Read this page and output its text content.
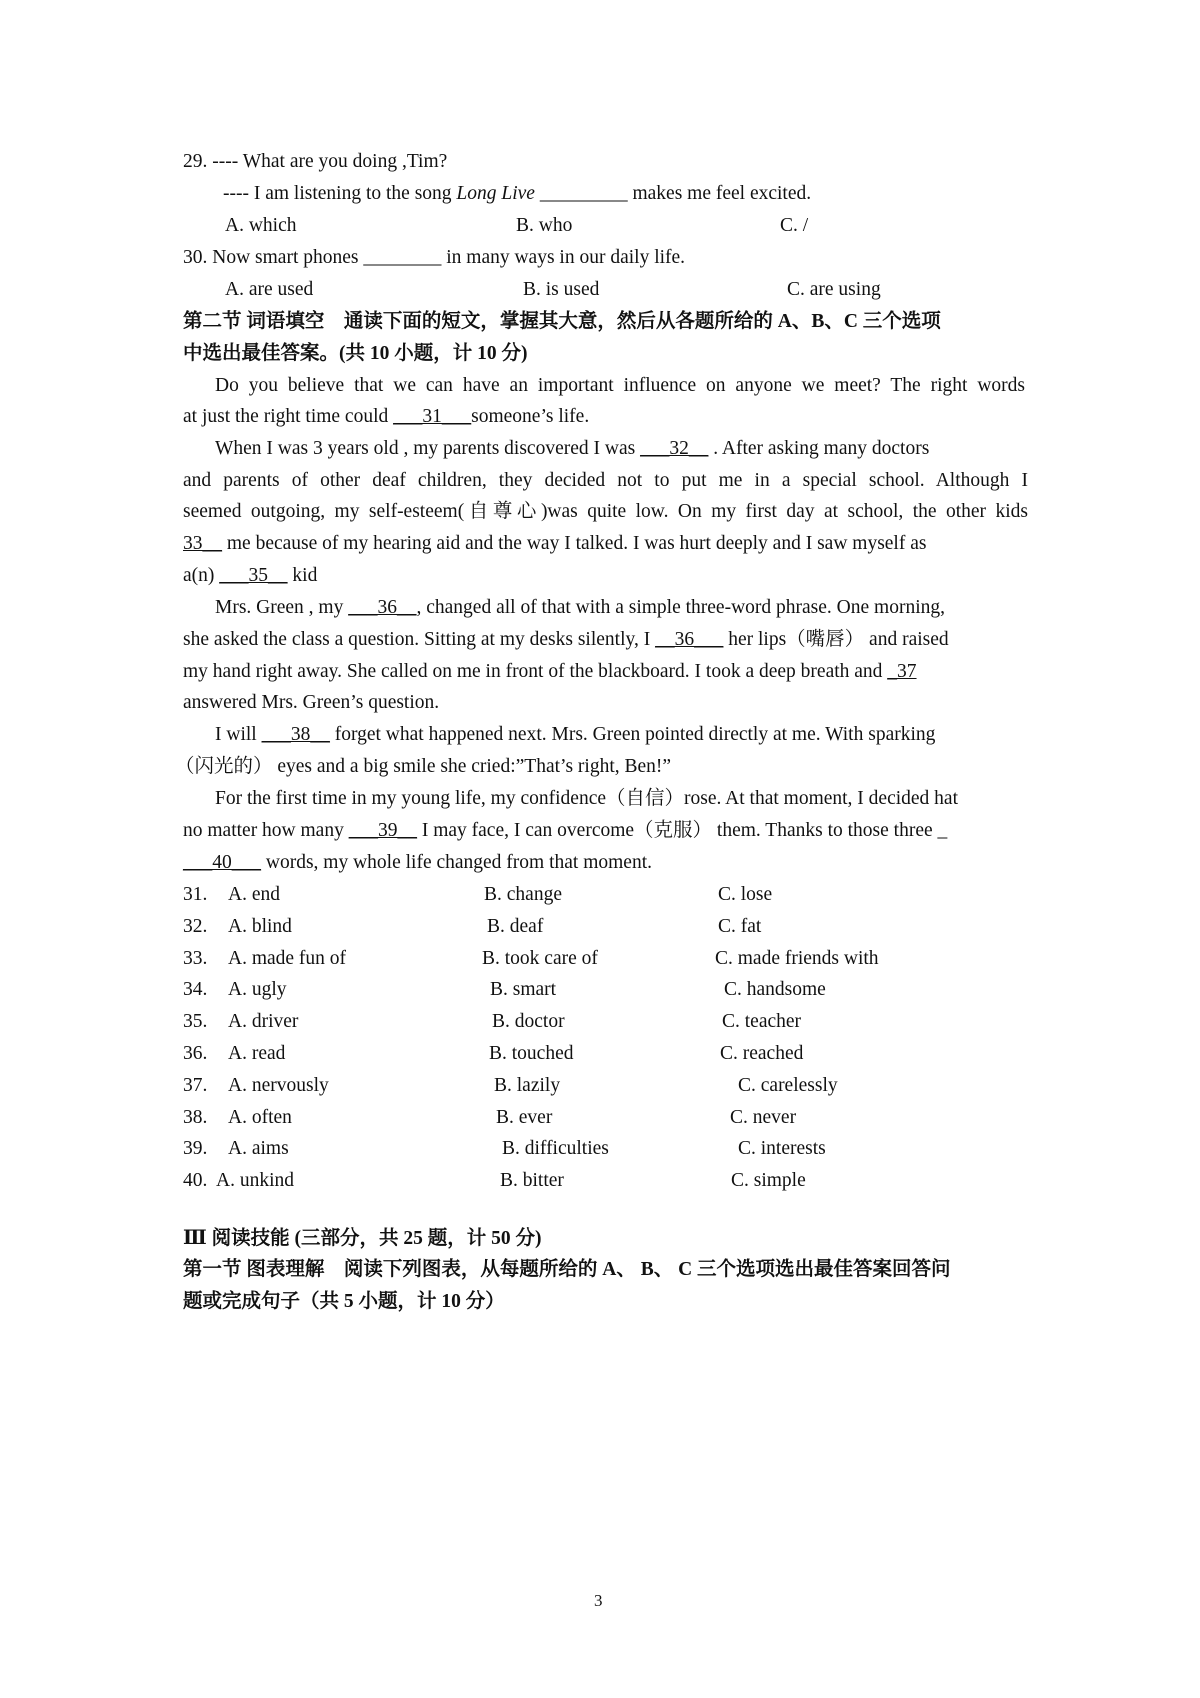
29. ---- What are you doing ,Tim?
---- I am listening to the song Long Live _________ makes me feel excited.
A. which	B. who	C. /
30. Now smart phones ________ in many ways in our daily life.
A. are used	B. is used	C. are using
第二节 词语填空　通读下面的短文，掌握其大意，然后从各题所给的 A、B、C 三个选项
中选出最佳答案。(共 10 小题，计 10 分)
Do you believe that we can have an important influence on anyone we meet? The right words
at just the right time could ___31___someone’s life.
When I was 3 years old , my parents discovered I was ___32__ . After asking many doctors
and parents of other deaf children, they decided not to put me in a special school. Although I
seemed outgoing, my self-esteem(自尊心)was quite low. On my first day at school, the other kids
33__ me because of my hearing aid and the way I talked. I was hurt deeply and I saw myself as
a(n) ___35__ kid
Mrs. Green , my ___36__, changed all of that with a simple three-word phrase. One morning,
she asked the class a question. Sitting at my desks silently, I __36___ her lips（嘴唇） and raised
my hand right away. She called on me in front of the blackboard. I took a deep breath and _37
answered Mrs. Green’s question.
I will ___38__ forget what happened next. Mrs. Green pointed directly at me. With sparking
（闪光的） eyes and a big smile she cried:”That’s right, Ben!”
For the first time in my young life, my confidence（自信）rose. At that moment, I decided hat
no matter how many ___39__ I may face, I can overcome（克服） them. Thanks to those three _
___40___ words, my whole life changed from that moment.
31. A. end	B. change	C. lose
32. A. blind	B. deaf	C. fat
33. A. made fun of	B. took care of	C. made friends with
34. A. ugly	B. smart	C. handsome
35. A. driver	B. doctor	C. teacher
36. A. read	B. touched	C. reached
37. A. nervously	B. lazily	C. carelessly
38. A. often	B. ever	C. never
39. A. aims	B. difficulties	C. interests
40. A. unkind	B. bitter	C. simple
Ⅲ 阅读技能 (三部分，共 25 题，计 50 分)
第一节 图表理解　阅读下列图表，从每题所给的 A、 B、 C 三个选项选出最佳答案回答问
题或完成句子（共 5 小题，计 10 分）
3
